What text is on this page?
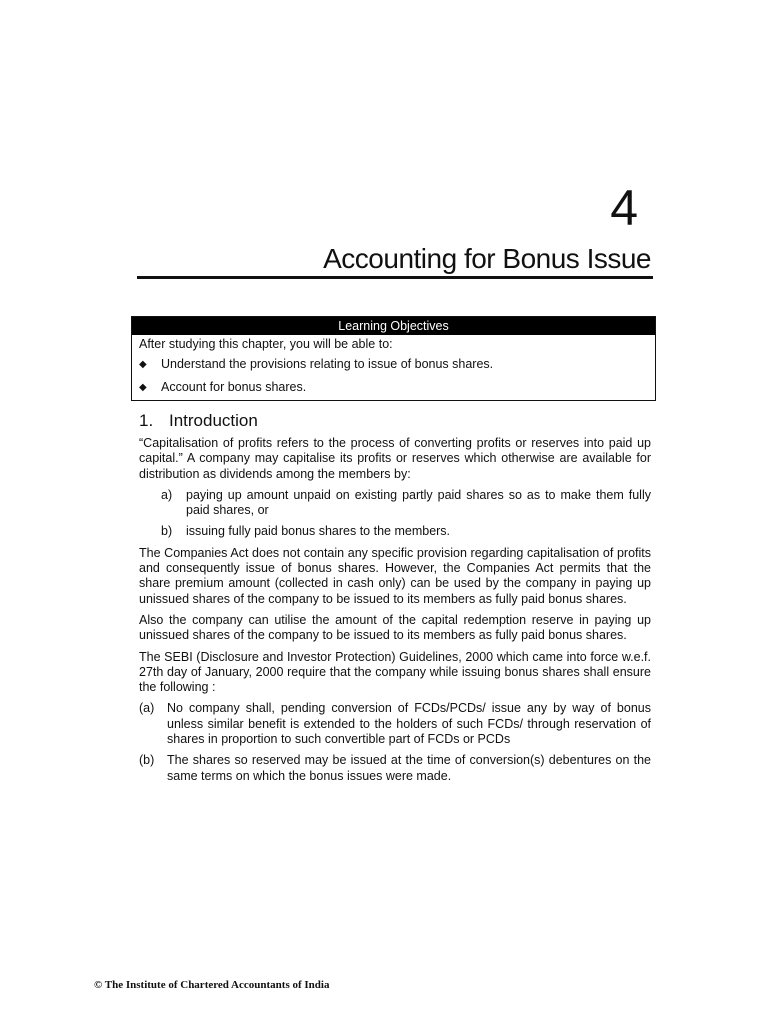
4
Accounting for Bonus Issue
Learning Objectives
After studying this chapter, you will be able to:
◆	Understand the provisions relating to issue of bonus shares.
◆	Account for bonus shares.
1. Introduction

“Capitalisation of profits refers to the process of converting profits or reserves into paid up capital.” A company may capitalise its profits or reserves which otherwise are available for distribution as dividends among the members by:

a)	paying up amount unpaid on existing partly paid shares so as to make them fully paid shares, or
b)	issuing fully paid bonus shares to the members.

The Companies Act does not contain any specific provision regarding capitalisation of profits and consequently issue of bonus shares. However, the Companies Act permits that the share premium amount (collected in cash only) can be used by the company in paying up unissued shares of the company to be issued to its members as fully paid bonus shares.

Also the company can utilise the amount of the capital redemption reserve in paying up unissued shares of the company to be issued to its members as fully paid bonus shares.

The SEBI (Disclosure and Investor Protection) Guidelines, 2000 which came into force w.e.f. 27th day of January, 2000 require that the company while issuing bonus shares shall ensure the following :

(a)	No company shall, pending conversion of FCDs/PCDs/ issue any by way of bonus unless similar benefit is extended to the holders of such FCDs/ through reservation of shares in proportion to such convertible part of FCDs or PCDs
(b)	The shares so reserved may be issued at the time of conversion(s) debentures on the same terms on which the bonus issues were made.
© The Institute of Chartered Accountants of India
